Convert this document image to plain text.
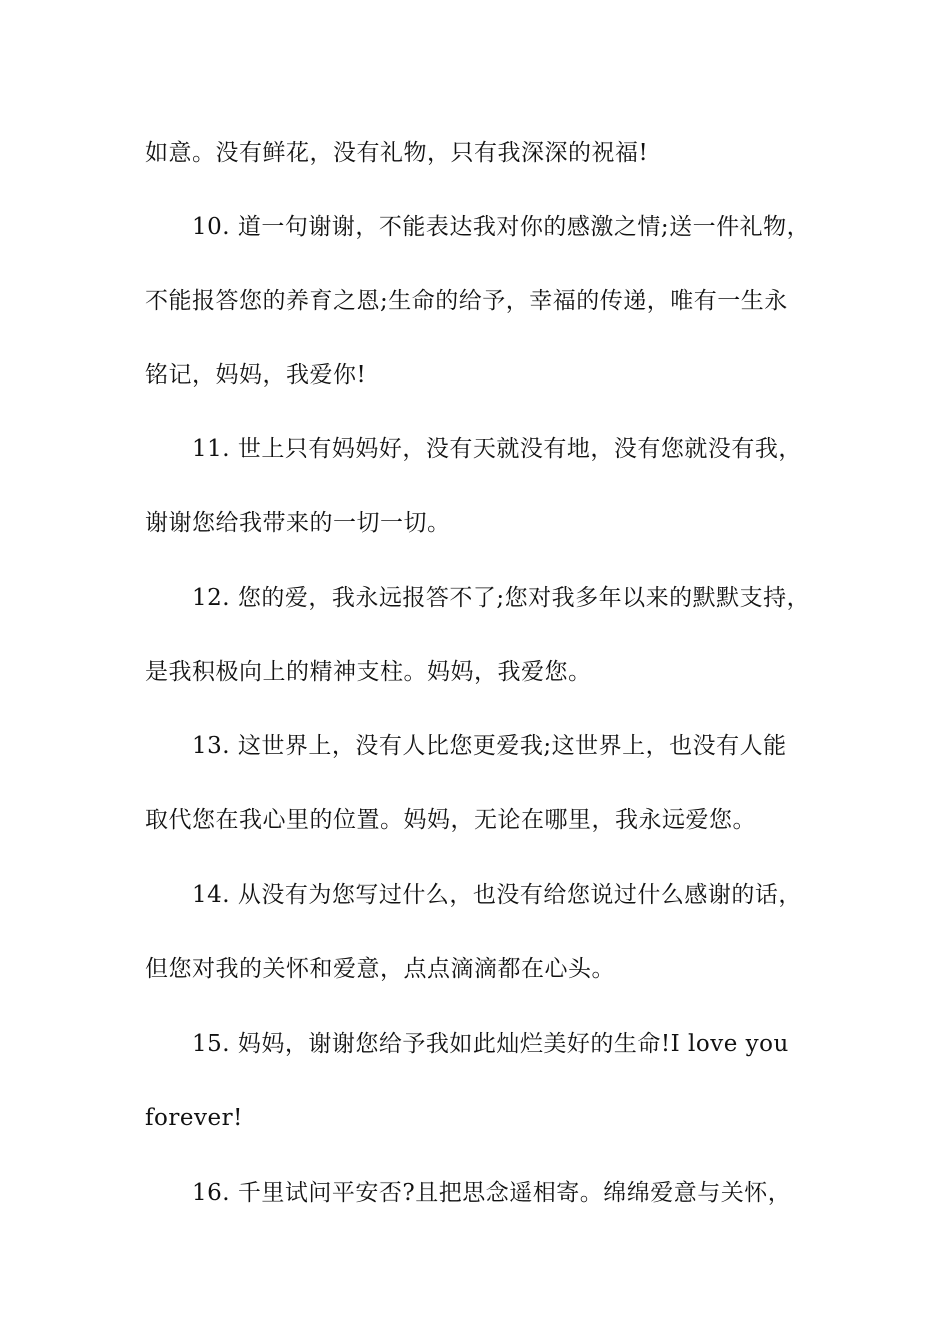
如意。没有鲜花，没有礼物，只有我深深的祝福!
10. 道一句谢谢，不能表达我对你的感激之情;送一件礼物，
不能报答您的养育之恩;生命的给予，幸福的传递，唯有一生永
铭记，妈妈，我爱你!
11. 世上只有妈妈好，没有天就没有地，没有您就没有我，
谢谢您给我带来的一切一切。
12. 您的爱，我永远报答不了;您对我多年以来的默默支持，
是我积极向上的精神支柱。妈妈，我爱您。
13. 这世界上，没有人比您更爱我;这世界上，也没有人能
取代您在我心里的位置。妈妈，无论在哪里，我永远爱您。
14. 从没有为您写过什么，也没有给您说过什么感谢的话，
但您对我的关怀和爱意，点点滴滴都在心头。
15. 妈妈，谢谢您给予我如此灿烂美好的生命!I love you
forever!
16. 千里试问平安否?且把思念遥相寄。绵绵爱意与关怀，
